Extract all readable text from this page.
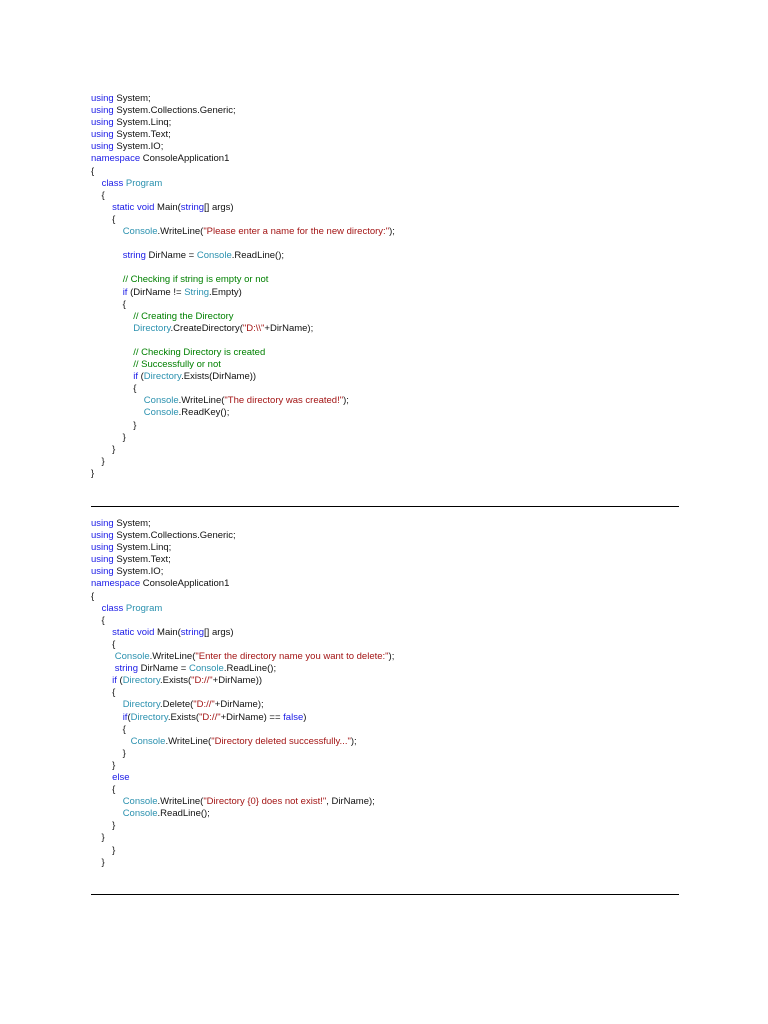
using System;
using System.Collections.Generic;
using System.Linq;
using System.Text;
using System.IO;
namespace ConsoleApplication1
{
class Program
{
static void Main(string[] args)
{
Console.WriteLine("Please enter a name for the new directory:");
string DirName = Console.ReadLine();
// Checking if string is empty or not
if (DirName != String.Empty)
{
// Creating the Directory
Directory.CreateDirectory("D:\\"+DirName);
// Checking Directory is created
// Successfully or not
if (Directory.Exists(DirName))
{
Console.WriteLine("The directory was created!");
Console.ReadKey();
}
}
}
}
}
using System;
using System.Collections.Generic;
using System.Linq;
using System.Text;
using System.IO;
namespace ConsoleApplication1
{
class Program
{
static void Main(string[] args)
{
Console.WriteLine("Enter the directory name you want to delete:");
string DirName = Console.ReadLine();
if (Directory.Exists("D://"+DirName))
{
Directory.Delete("D://"+DirName);
if(Directory.Exists("D://"+DirName) == false)
{
Console.WriteLine("Directory deleted successfully...");
}
}
else
{
Console.WriteLine("Directory {0} does not exist!", DirName);
Console.ReadLine();
}
}
}
}
